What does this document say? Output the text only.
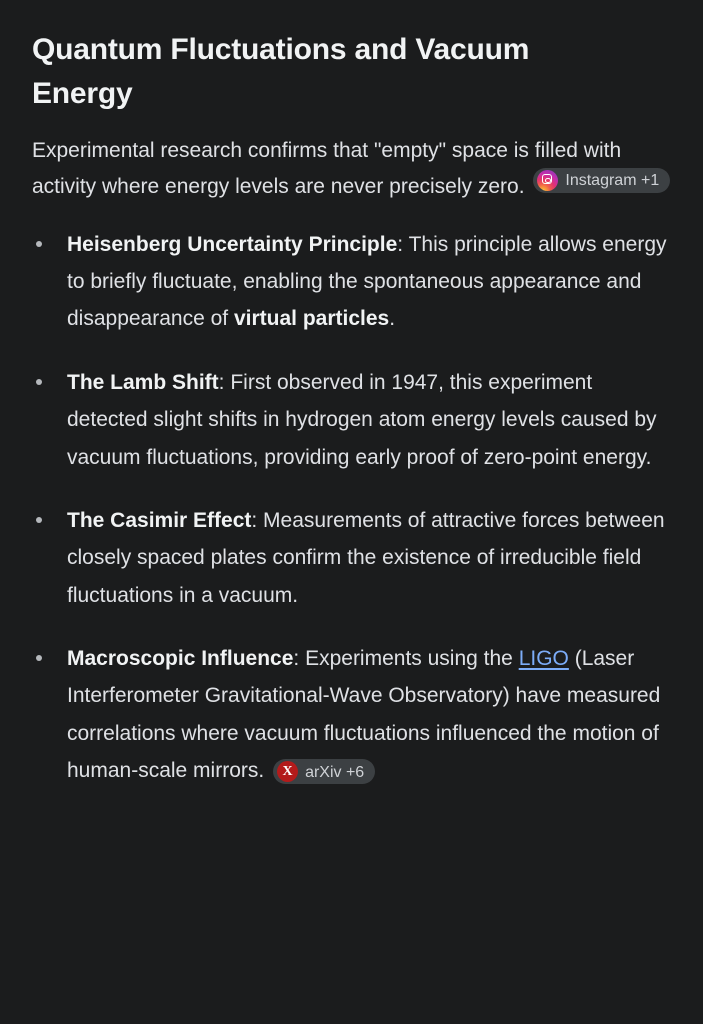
Quantum Fluctuations and Vacuum Energy

Experimental research confirms that "empty" space is filled with activity where energy levels are never precisely zero.	Instagram +1

Heisenberg Uncertainty Principle: This principle allows energy to briefly fluctuate, enabling the spontaneous appearance and disappearance of virtual particles.
The Lamb Shift: First observed in 1947, this experiment detected slight shifts in hydrogen atom energy levels caused by vacuum fluctuations, providing early proof of zero-point energy.
The Casimir Effect: Measurements of attractive forces between closely spaced plates confirm the existence of irreducible field fluctuations in a vacuum.
Macroscopic Influence: Experiments using the LIGO (Laser Interferometer Gravitational-Wave Observatory) have measured correlations where vacuum fluctuations influenced the motion of human-scale mirrors.	X arXiv +6
